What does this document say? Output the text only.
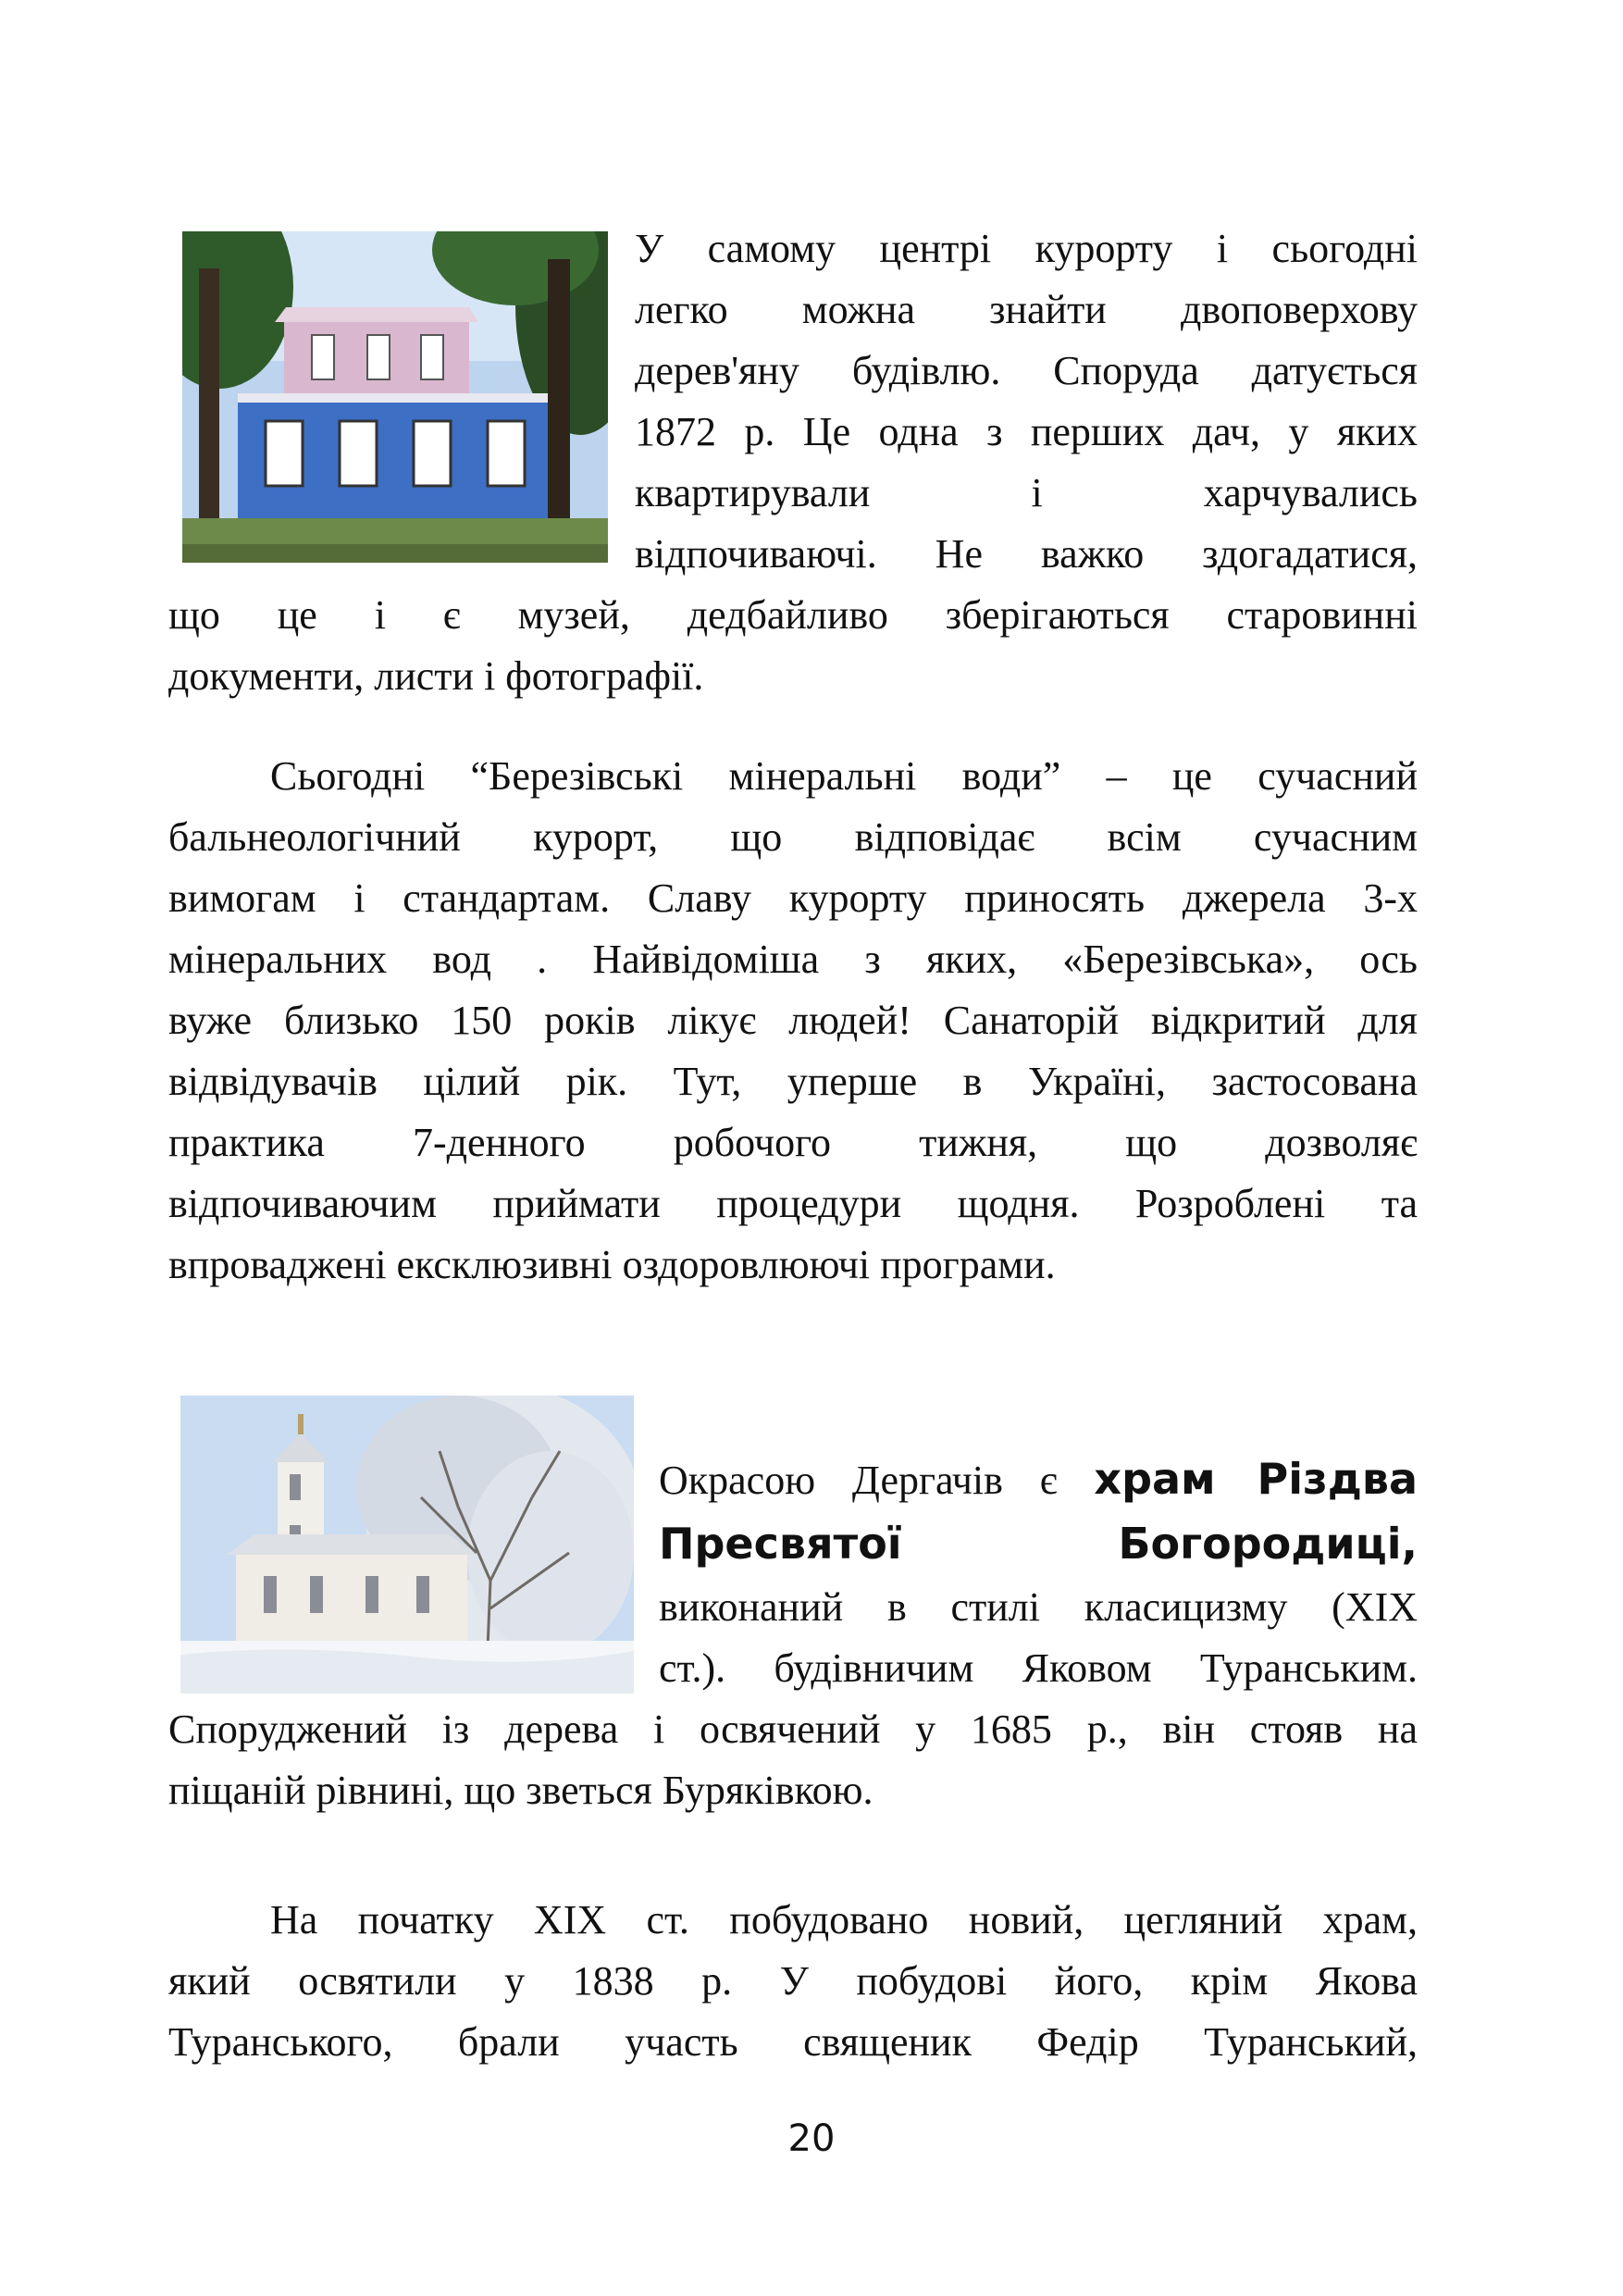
У самому центрі курорту і сьогодні
легко можна знайти двоповерхову
дерев'яну будівлю. Споруда датується
1872 р. Це одна з перших дач, у яких
квартирували і харчувались
відпочиваючі. Не важко здогадатися,
що це і є музей, дедбайливо зберігаються старовинні
документи, листи і фотографії.
Сьогодні “Березівські мінеральні води” – це сучасний
бальнеологічний курорт, що відповідає всім сучасним
вимогам і стандартам. Славу курорту приносять джерела 3-х
мінеральних вод . Найвідоміша з яких, «Березівська», ось
вуже близько 150 років лікує людей! Санаторій відкритий для
відвідувачів цілий рік. Тут, уперше в Україні, застосована
практика 7-денного робочого тижня, що дозволяє
відпочиваючим приймати процедури щодня. Розроблені та
впроваджені ексклюзивні оздоровлюючі програми.
Окрасою Дергачів є храм Різдва
Пресвятої	Богородиці,
виконаний в стилі класицизму (XIX
ст.). будівничим Яковом Туранським.
Споруджений із дерева і освячений у 1685 р., він стояв на
піщаній рівнині, що зветься Буряківкою.
На початку XIX ст. побудовано новий, цегляний храм,
який освятили у 1838 р. У побудові його, крім Якова
Туранського, брали участь священик Федір Туранський,
20
